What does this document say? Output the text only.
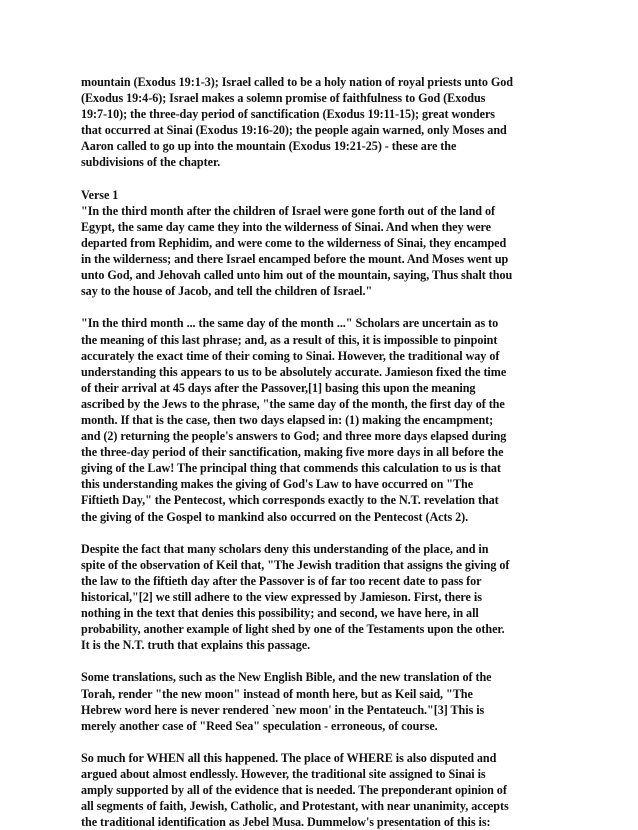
mountain (Exodus 19:1-3); Israel called to be a holy nation of royal priests unto God
(Exodus 19:4-6); Israel makes a solemn promise of faithfulness to God (Exodus
19:7-10); the three-day period of sanctification (Exodus 19:11-15); great wonders
that occurred at Sinai (Exodus 19:16-20); the people again warned, only Moses and
Aaron called to go up into the mountain (Exodus 19:21-25) - these are the
subdivisions of the chapter.

Verse 1
"In the third month after the children of Israel were gone forth out of the land of
Egypt, the same day came they into the wilderness of Sinai. And when they were
departed from Rephidim, and were come to the wilderness of Sinai, they encamped
in the wilderness; and there Israel encamped before the mount. And Moses went up
unto God, and Jehovah called unto him out of the mountain, saying, Thus shalt thou
say to the house of Jacob, and tell the children of Israel."

"In the third month ... the same day of the month ..." Scholars are uncertain as to
the meaning of this last phrase; and, as a result of this, it is impossible to pinpoint
accurately the exact time of their coming to Sinai. However, the traditional way of
understanding this appears to us to be absolutely accurate. Jamieson fixed the time
of their arrival at 45 days after the Passover,[1] basing this upon the meaning
ascribed by the Jews to the phrase, "the same day of the month, the first day of the
month. If that is the case, then two days elapsed in: (1) making the encampment;
and (2) returning the people's answers to God; and three more days elapsed during
the three-day period of their sanctification, making five more days in all before the
giving of the Law! The principal thing that commends this calculation to us is that
this understanding makes the giving of God's Law to have occurred on "The
Fiftieth Day," the Pentecost, which corresponds exactly to the N.T. revelation that
the giving of the Gospel to mankind also occurred on the Pentecost (Acts 2).

Despite the fact that many scholars deny this understanding of the place, and in
spite of the observation of Keil that, "The Jewish tradition that assigns the giving of
the law to the fiftieth day after the Passover is of far too recent date to pass for
historical,"[2] we still adhere to the view expressed by Jamieson. First, there is
nothing in the text that denies this possibility; and second, we have here, in all
probability, another example of light shed by one of the Testaments upon the other.
It is the N.T. truth that explains this passage.

Some translations, such as the New English Bible, and the new translation of the
Torah, render "the new moon" instead of month here, but as Keil said, "The
Hebrew word here is never rendered `new moon' in the Pentateuch."[3] This is
merely another case of "Reed Sea" speculation - erroneous, of course.

So much for WHEN all this happened. The place of WHERE is also disputed and
argued about almost endlessly. However, the traditional site assigned to Sinai is
amply supported by all of the evidence that is needed. The preponderant opinion of
all segments of faith, Jewish, Catholic, and Protestant, with near unanimity, accepts
the traditional identification as Jebel Musa. Dummelow's presentation of this is:
